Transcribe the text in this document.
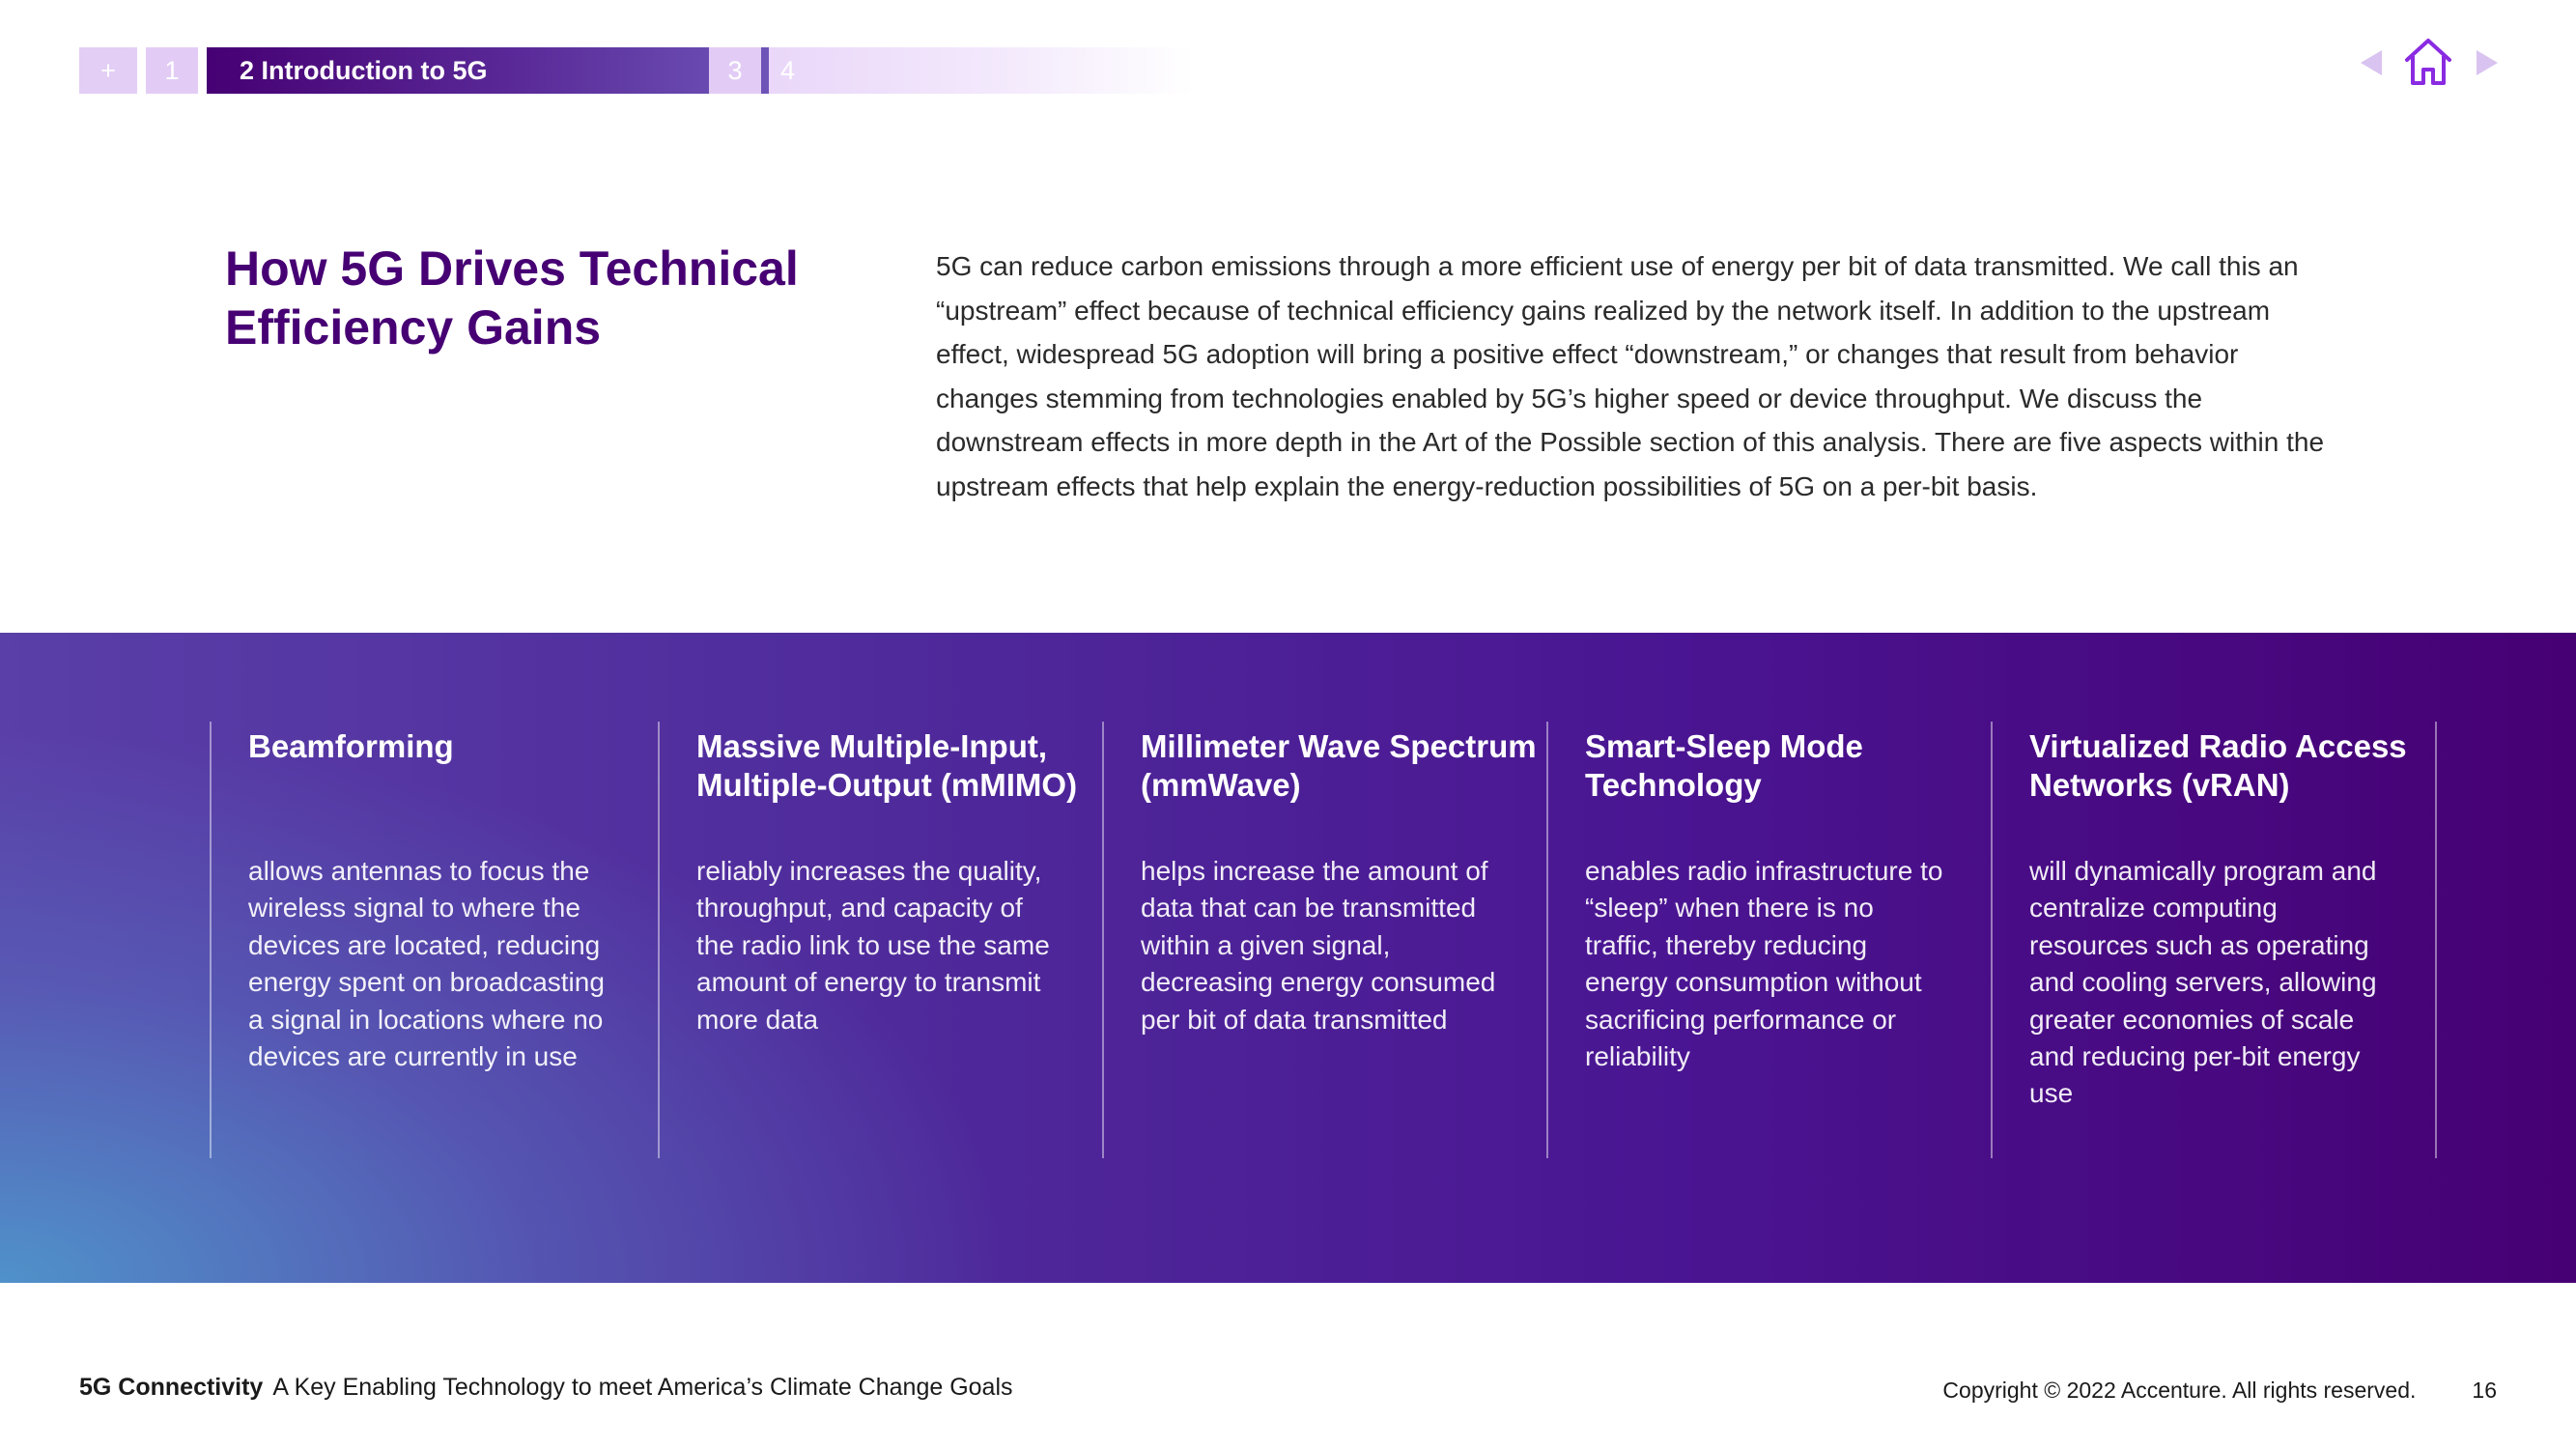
+	1	2 Introduction to 5G	3	4
How 5G Drives Technical
Efficiency Gains

5G can reduce carbon emissions through a more efficient use of energy per bit of data transmitted. We call this an “upstream” effect because of technical efficiency gains realized by the network itself. In addition to the upstream effect, widespread 5G adoption will bring a positive effect “downstream,” or changes that result from behavior changes stemming from technologies enabled by 5G’s higher speed or device throughput. We discuss the downstream effects in more depth in the Art of the Possible section of this analysis. There are five aspects within the upstream effects that help explain the energy-reduction possibilities of 5G on a per-bit basis.

Beamforming

allows antennas to focus the wireless signal to where the devices are located, reducing energy spent on broadcasting a signal in locations where no devices are currently in use

Massive Multiple-Input, Multiple-Output (mMIMO)

reliably increases the quality, throughput, and capacity of the radio link to use the same amount of energy to transmit more data

Millimeter Wave Spectrum (mmWave)

helps increase the amount of data that can be transmitted within a given signal, decreasing energy consumed per bit of data transmitted

Smart-Sleep Mode Technology

enables radio infrastructure to “sleep” when there is no traffic, thereby reducing energy consumption without sacrificing performance or reliability

Virtualized Radio Access Networks (vRAN)

will dynamically program and centralize computing resources such as operating and cooling servers, allowing greater economies of scale and reducing per-bit energy use

5G Connectivity A Key Enabling Technology to meet America’s Climate Change Goals	Copyright © 2022 Accenture. All rights reserved.	16
